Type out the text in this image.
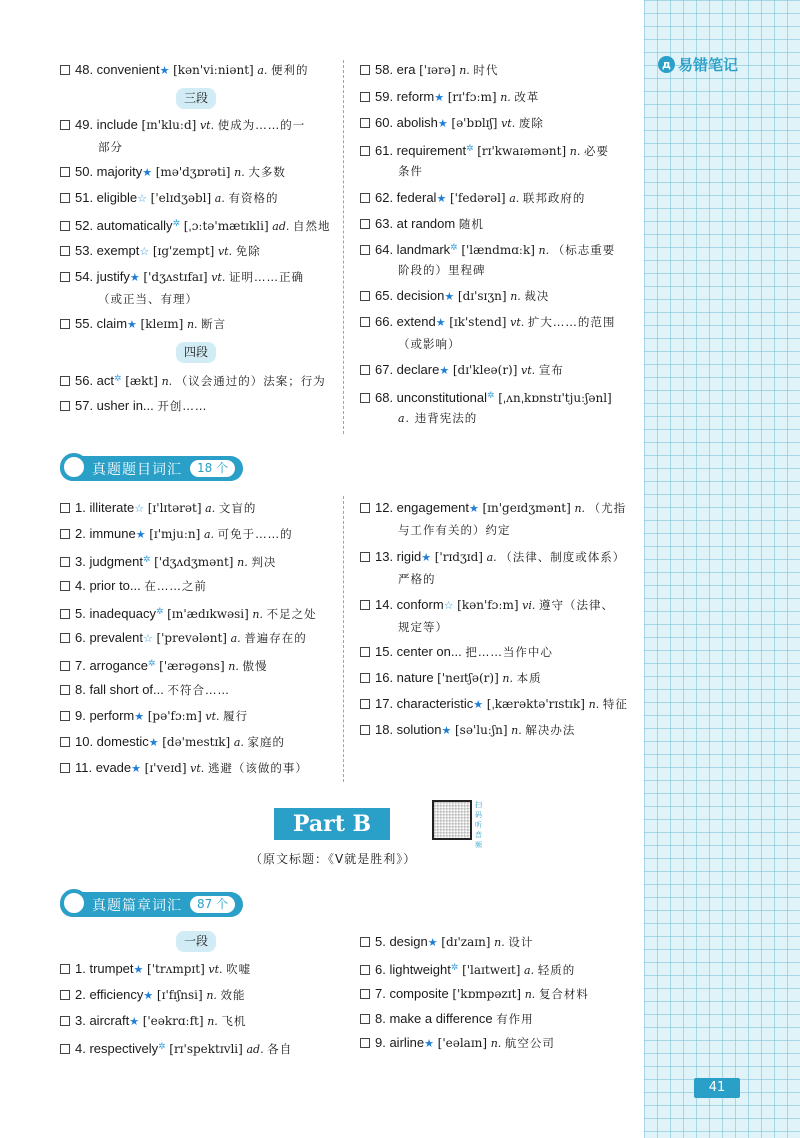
д 易错笔记
48. convenient★ [kən'viːniənt] a. 便利的
三段
49. include [ɪn'kluːd] vt. 使成为……的一
部分
50. majority★ [mə'dʒɒrəti] n. 大多数
51. eligible☆ ['elɪdʒəbl] a. 有资格的
52. automatically✲ [ˌɔːtə'mætɪkli] ad. 自然地
53. exempt☆ [ɪg'zempt] vt. 免除
54. justify★ ['dʒʌstɪfaɪ] vt. 证明……正确
（或正当、有理）
55. claim★ [kleɪm] n. 断言
四段
56. act✲ [ækt] n. （议会通过的）法案；行为
57. usher in... 开创……
58. era ['ɪərə] n. 时代
59. reform★ [rɪ'fɔːm] n. 改革
60. abolish★ [ə'bɒlɪʃ] vt. 废除
61. requirement✲ [rɪ'kwaɪəmənt] n. 必要
条件
62. federal★ ['fedərəl] a. 联邦政府的
63. at random 随机
64. landmark✲ ['lændmɑːk] n. （标志重要
阶段的）里程碑
65. decision★ [dɪ'sɪʒn] n. 裁决
66. extend★ [ɪk'stend] vt. 扩大……的范围
（或影响）
67. declare★ [dɪ'kleə(r)] vt. 宣布
68. unconstitutional✲ [ˌʌnˌkɒnstɪ'tjuːʃənl]
a. 违背宪法的
真题题目词汇	18 个
1. illiterate☆ [ɪ'lɪtərət] a. 文盲的
2. immune★ [ɪ'mjuːn] a. 可免于……的
3. judgment✲ ['dʒʌdʒmənt] n. 判决
4. prior to... 在……之前
5. inadequacy✲ [ɪn'ædɪkwəsi] n. 不足之处
6. prevalent☆ ['prevələnt] a. 普遍存在的
7. arrogance✲ ['ærəgəns] n. 傲慢
8. fall short of... 不符合……
9. perform★ [pə'fɔːm] vt. 履行
10. domestic★ [də'mestɪk] a. 家庭的
11. evade★ [ɪ'veɪd] vt. 逃避（该做的事）
12. engagement★ [ɪn'geɪdʒmənt] n. （尤指
与工作有关的）约定
13. rigid★ ['rɪdʒɪd] a. （法律、制度或体系）
严格的
14. conform☆ [kən'fɔːm] vi. 遵守（法律、
规定等）
15. center on... 把……当作中心
16. nature ['neɪtʃə(r)] n. 本质
17. characteristic★ [ˌkærəktə'rɪstɪk] n. 特征
18. solution★ [sə'luːʃn] n. 解决办法
Part B
扫码听音频
（原文标题：《V就是胜利》）
真题篇章词汇	87 个
一段
1. trumpet★ ['trʌmpɪt] vt. 吹嘘
2. efficiency★ [ɪ'fɪʃnsi] n. 效能
3. aircraft★ ['eəkrɑːft] n. 飞机
4. respectively✲ [rɪ'spektɪvli] ad. 各自
5. design★ [dɪ'zaɪn] n. 设计
6. lightweight✲ ['laɪtweɪt] a. 轻质的
7. composite ['kɒmpəzɪt] n. 复合材料
8. make a difference 有作用
9. airline★ ['eəlaɪn] n. 航空公司
41
